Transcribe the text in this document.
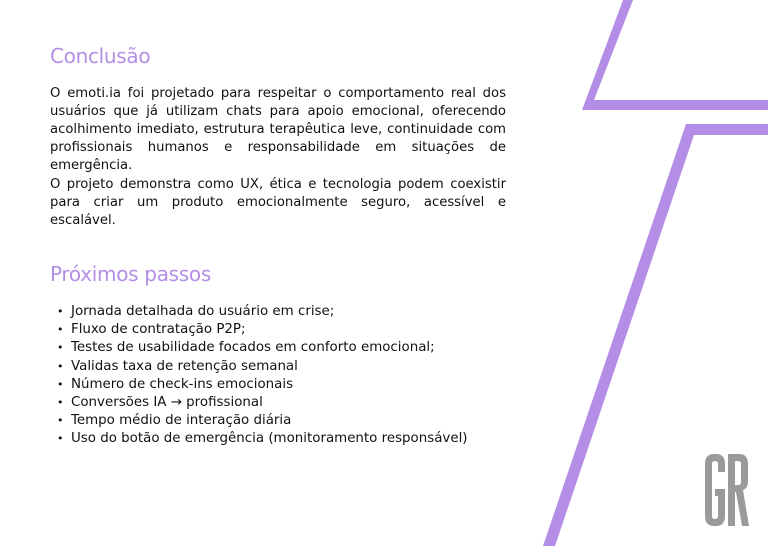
Conclusão

O emoti.ia foi projetado para respeitar o comportamento real dos usuários que já utilizam chats para apoio emocional, oferecendo acolhimento imediato, estrutura terapêutica leve, continuidade com profissionais humanos e responsabilidade em situações de emergência.

O projeto demonstra como UX, ética e tecnologia podem coexistir para criar um produto emocionalmente seguro, acessível e escalável.

Próximos passos
• Jornada detalhada do usuário em crise;
• Fluxo de contratação P2P;
• Testes de usabilidade focados em conforto emocional;
• Validas taxa de retenção semanal
• Número de check-ins emocionais
• Conversões IA → profissional
• Tempo médio de interação diária
• Uso do botão de emergência (monitoramento responsável)
